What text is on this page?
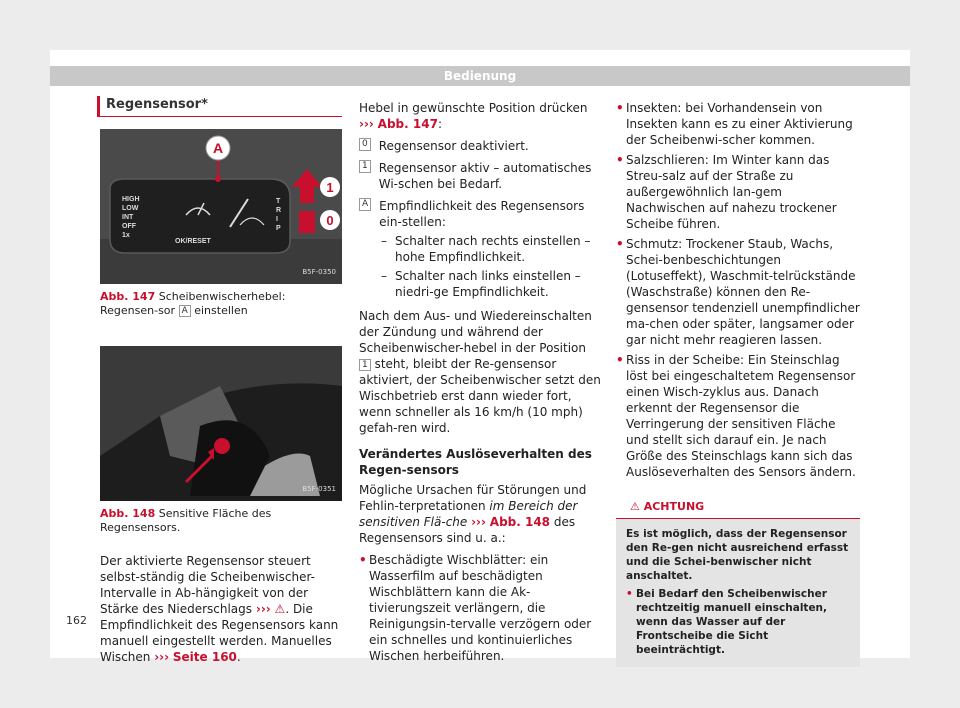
Bedienung
Regensensor*
A
HIGH
LOW
INT
OFF
1x
OK/RESET
T
R
I
P
1
0
B5F-0350
Abb. 147 Scheibenwischerhebel: Regensen-sor A einstellen
B5F-0351
Abb. 148 Sensitive Fläche des Regensensors.
Der aktivierte Regensensor steuert selbst-ständig die Scheibenwischer-Intervalle in Ab-hängigkeit von der Stärke des Niederschlags ››› ⚠. Die Empfindlichkeit des Regensensors kann manuell eingestellt werden. Manuelles Wischen ››› Seite 160.
Hebel in gewünschte Position drücken ››› Abb. 147:
0 Regensensor deaktiviert.
1 Regensensor aktiv – automatisches Wi-schen bei Bedarf.
A Empfindlichkeit des Regensensors ein-stellen:
– Schalter nach rechts einstellen – hohe Empfindlichkeit.
– Schalter nach links einstellen – niedri-ge Empfindlichkeit.
Nach dem Aus- und Wiedereinschalten der Zündung und während der Scheibenwischer-hebel in der Position 1 steht, bleibt der Re-gensensor aktiviert, der Scheibenwischer setzt den Wischbetrieb erst dann wieder fort, wenn schneller als 16 km/h (10 mph) gefah-ren wird.
Verändertes Auslöseverhalten des Regen-sensors
Mögliche Ursachen für Störungen und Fehlin-terpretationen im Bereich der sensitiven Flä-che ››› Abb. 148 des Regensensors sind u. a.:
• Beschädigte Wischblätter: ein Wasserfilm auf beschädigten Wischblättern kann die Ak-tivierungszeit verlängern, die Reinigungsin-tervalle verzögern oder ein schnelles und kontinuierliches Wischen herbeiführen.
• Insekten: bei Vorhandensein von Insekten kann es zu einer Aktivierung der Scheibenwi-scher kommen.
• Salzschlieren: Im Winter kann das Streu-salz auf der Straße zu außergewöhnlich lan-gem Nachwischen auf nahezu trockener Scheibe führen.
• Schmutz: Trockener Staub, Wachs, Schei-benbeschichtungen (Lotuseffekt), Waschmit-telrückstände (Waschstraße) können den Re-gensensor tendenziell unempfindlicher ma-chen oder später, langsamer oder gar nicht mehr reagieren lassen.
• Riss in der Scheibe: Ein Steinschlag löst bei eingeschaltetem Regensensor einen Wisch-zyklus aus. Danach erkennt der Regensensor die Verringerung der sensitiven Fläche und stellt sich darauf ein. Je nach Größe des Steinschlags kann sich das Auslöseverhalten des Sensors ändern.
⚠ ACHTUNG
Es ist möglich, dass der Regensensor den Re-gen nicht ausreichend erfasst und die Schei-benwischer nicht anschaltet.
• Bei Bedarf den Scheibenwischer rechtzeitig manuell einschalten, wenn das Wasser auf der Frontscheibe die Sicht beeinträchtigt.
162
